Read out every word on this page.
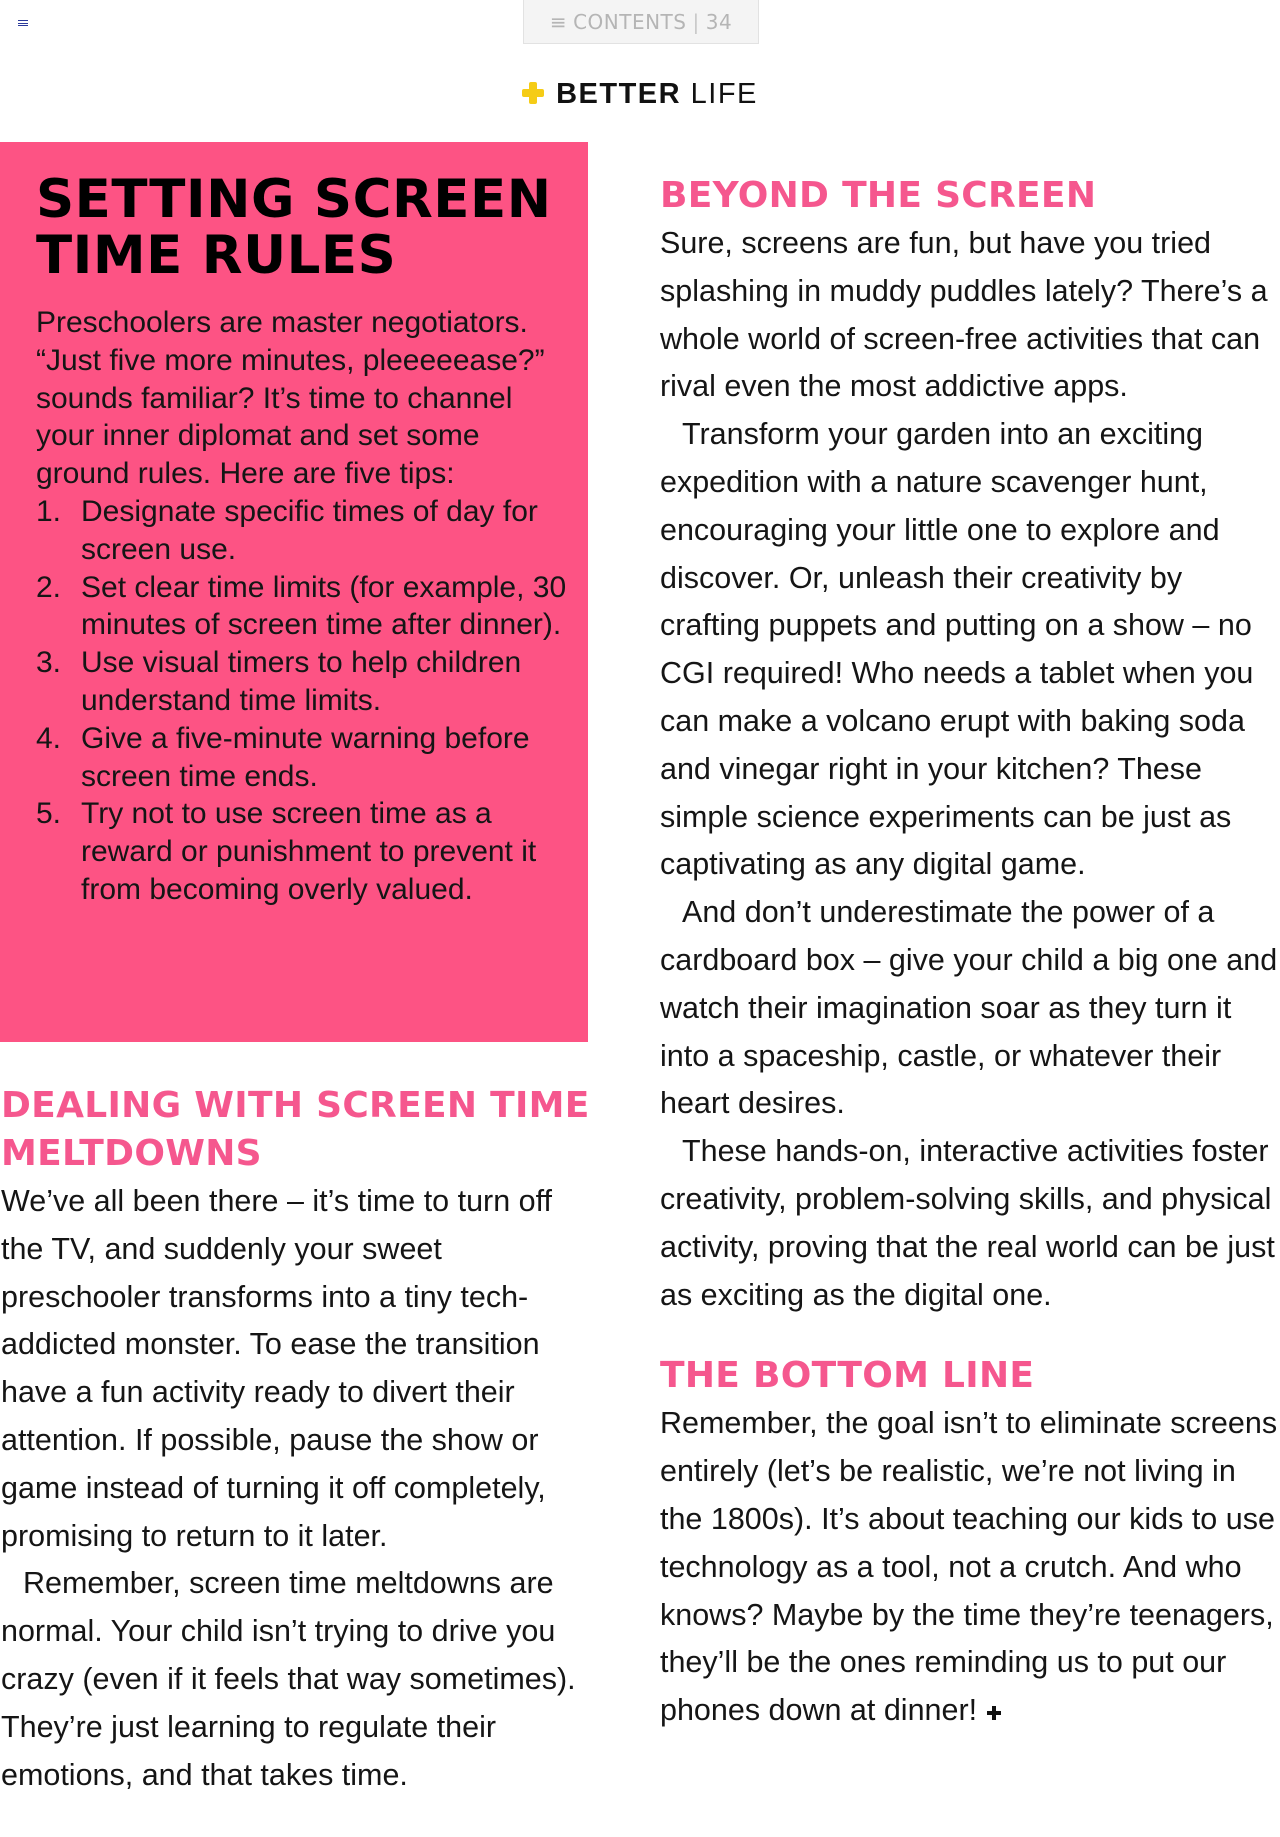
≡ CONTENTS | 34
BETTER LIFE
SETTING SCREEN TIME RULES

Preschoolers are master negotiators. “Just five more minutes, pleeeeease?” sounds familiar? It’s time to channel your inner diplomat and set some ground rules. Here are five tips:

1. Designate specific times of day for screen use.
2. Set clear time limits (for example, 30 minutes of screen time after dinner).
3. Use visual timers to help children understand time limits.
4. Give a five-minute warning before screen time ends.
5. Try not to use screen time as a reward or punishment to prevent it from becoming overly valued.
DEALING WITH SCREEN TIME MELTDOWNS

We’ve all been there – it’s time to turn off the TV, and suddenly your sweet preschooler transforms into a tiny tech-addicted monster. To ease the transition have a fun activity ready to divert their attention. If possible, pause the show or game instead of turning it off completely, promising to return to it later.

Remember, screen time meltdowns are normal. Your child isn’t trying to drive you crazy (even if it feels that way sometimes). They’re just learning to regulate their emotions, and that takes time.

BEYOND THE SCREEN

Sure, screens are fun, but have you tried splashing in muddy puddles lately? There’s a whole world of screen-free activities that can rival even the most addictive apps.

Transform your garden into an exciting expedition with a nature scavenger hunt, encouraging your little one to explore and discover. Or, unleash their creativity by crafting puppets and putting on a show – no CGI required! Who needs a tablet when you can make a volcano erupt with baking soda and vinegar right in your kitchen? These simple science experiments can be just as captivating as any digital game.

And don’t underestimate the power of a cardboard box – give your child a big one and watch their imagination soar as they turn it into a spaceship, castle, or whatever their heart desires.

These hands-on, interactive activities foster creativity, problem-solving skills, and physical activity, proving that the real world can be just as exciting as the digital one.

THE BOTTOM LINE

Remember, the goal isn’t to eliminate screens entirely (let’s be realistic, we’re not living in the 1800s). It’s about teaching our kids to use technology as a tool, not a crutch. And who knows? Maybe by the time they’re teenagers, they’ll be the ones reminding us to put our phones down at dinner!
